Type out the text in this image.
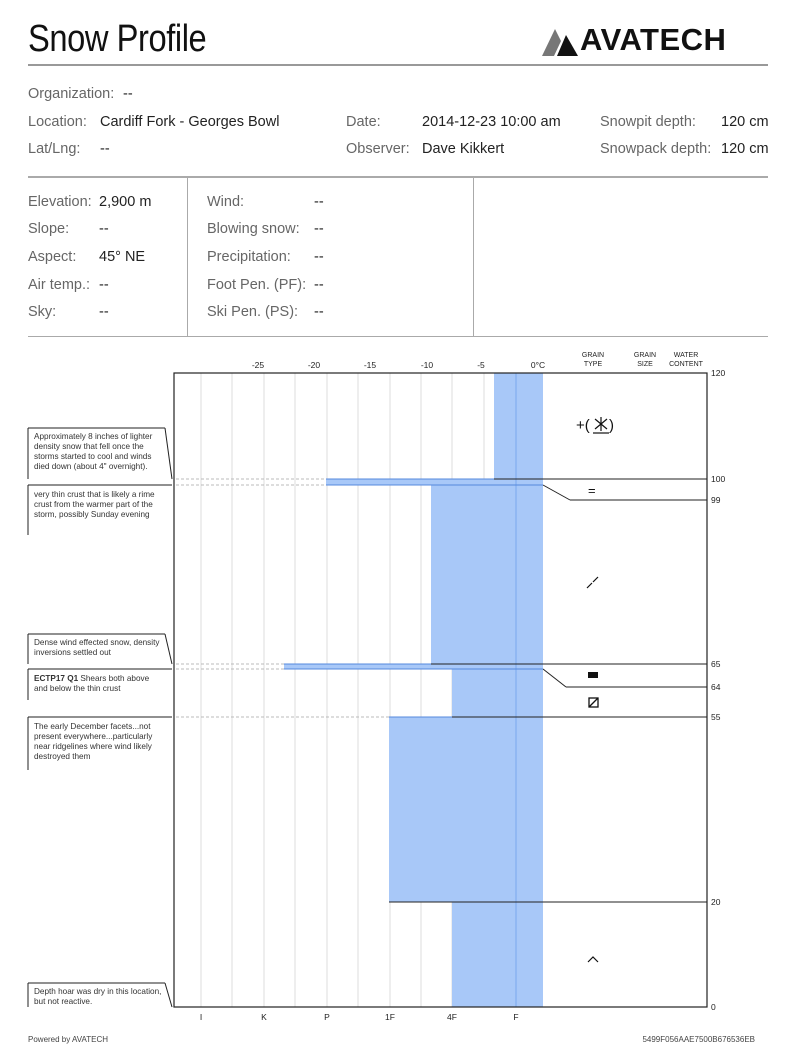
Snow Profile	AVATECH
Organization: --
Location: Cardiff Fork - Georges Bowl	Date:	2014-12-23 10:00 am	Snowpit depth: 120 cm
Lat/Lng: --	Observer: Dave Kikkert	Snowpack depth: 120 cm
Elevation: 2,900 m
Slope: --
Aspect: 45° NE
Air temp.: --
Sky:	--
Wind:	--
Blowing snow: --
Precipitation: --
Foot Pen. (PF): --
Ski Pen. (PS): --
-25	-20	-15	-10	-5	0°C
GRAIN
TYPE
GRAIN
SIZE
WATER
CONTENT
120
100
99
65
64
55
20
0
I	K	P	1F	4F	F
+( )
=
Approximately 8 inches of lighter density snow that fell once the storms started to cool and winds died down (about 4" overnight).
very thin crust that is likely a rime crust from the warmer part of the storm, possibly Sunday evening
Dense wind effected snow, density inversions settled out
ECTP17 Q1 Shears both above and below the thin crust
The early December facets...not present everywhere...particularly near ridgelines where wind likely destroyed them
Depth hoar was dry in this location, but not reactive.
Powered by AVATECH	5499F056AAE7500B676536EB
